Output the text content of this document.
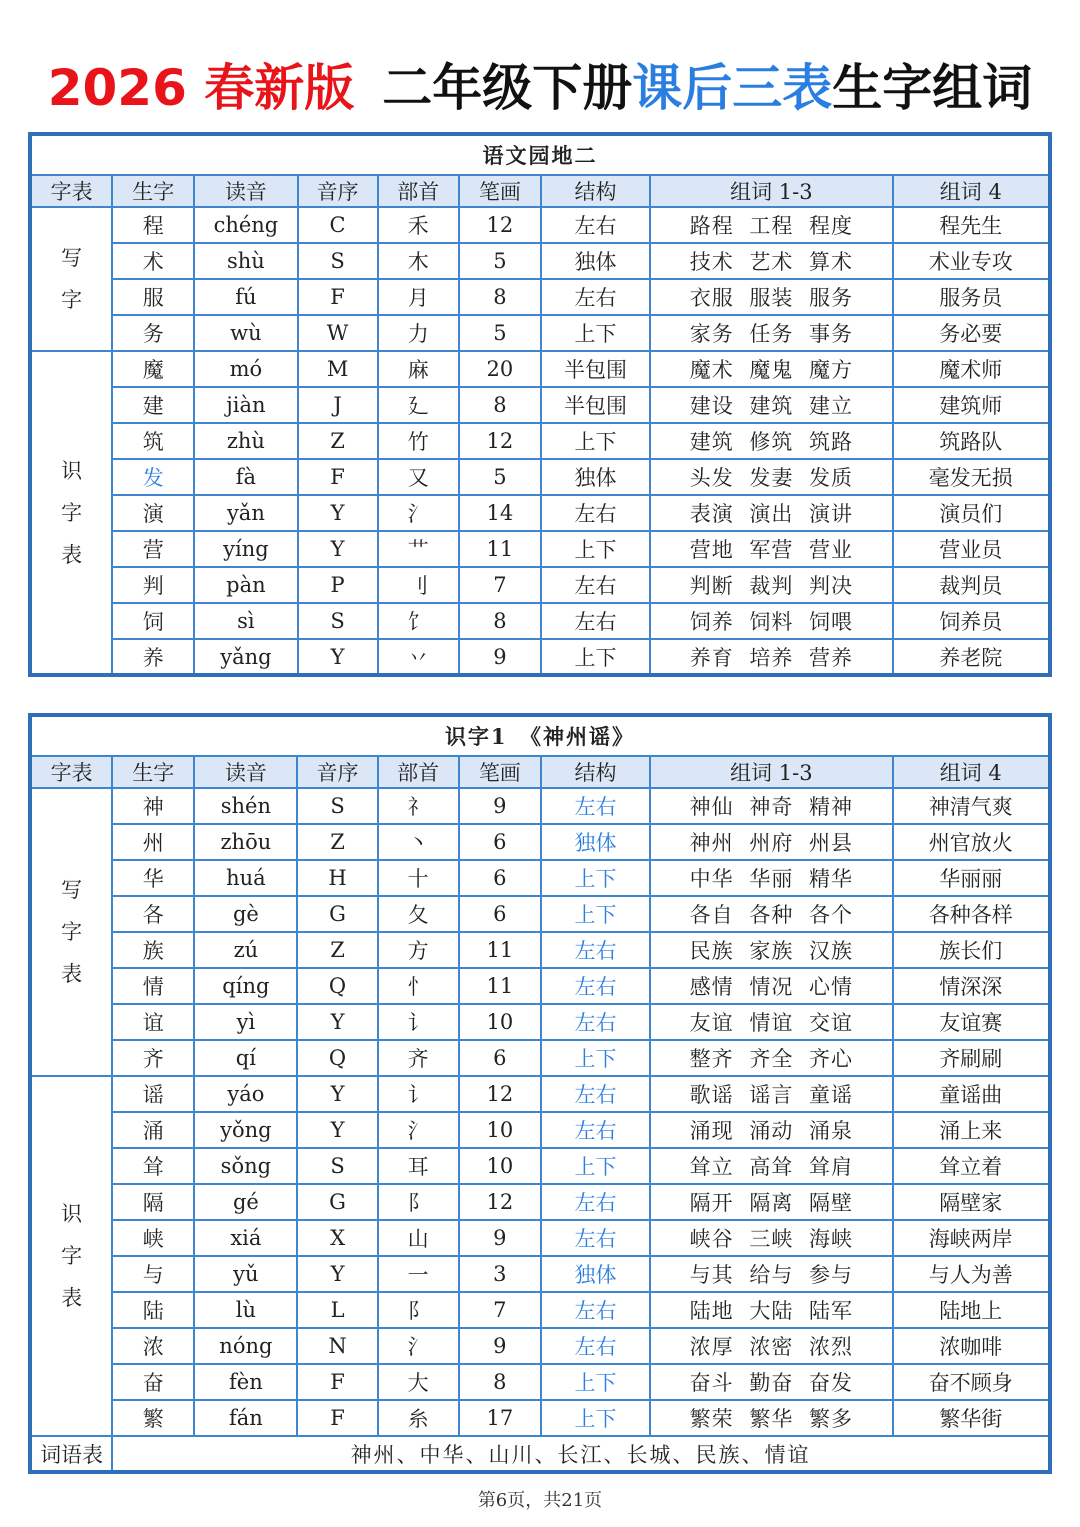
2026 春新版 二年级下册课后三表生字组词
语文园地二								
字表	生字	读音	音序	部首	笔画	结构	组词 1-3	组词 4
写
字	程	chéng	C	禾	12	左右	路程 工程 程度	程先生
	术	shù	S	木	5	独体	技术 艺术 算术	术业专攻
	服	fú	F	月	8	左右	衣服 服装 服务	服务员
	务	wù	W	力	5	上下	家务 任务 事务	务必要
识
字
表	魔	mó	M	麻	20	半包围	魔术 魔鬼 魔方	魔术师
	建	jiàn	J	廴	8	半包围	建设 建筑 建立	建筑师
	筑	zhù	Z	竹	12	上下	建筑 修筑 筑路	筑路队
	发	fà	F	又	5	独体	头发 发妻 发质	毫发无损
	演	yǎn	Y	氵	14	左右	表演 演出 演讲	演员们
	营	yíng	Y	艹	11	上下	营地 军营 营业	营业员
	判	pàn	P	刂	7	左右	判断 裁判 判决	裁判员
	饲	sì	S	饣	8	左右	饲养 饲料 饲喂	饲养员
	养	yǎng	Y	丷	9	上下	养育 培养 营养	养老院
识字1　《神州谣》								
字表	生字	读音	音序	部首	笔画	结构	组词 1-3	组词 4
写
字
表	神	shén	S	礻	9	左右	神仙 神奇 精神	神清气爽
	州	zhōu	Z	丶	6	独体	神州 州府 州县	州官放火
	华	huá	H	十	6	上下	中华 华丽 精华	华丽丽
	各	gè	G	夂	6	上下	各自 各种 各个	各种各样
	族	zú	Z	方	11	左右	民族 家族 汉族	族长们
	情	qíng	Q	忄	11	左右	感情 情况 心情	情深深
	谊	yì	Y	讠	10	左右	友谊 情谊 交谊	友谊赛
	齐	qí	Q	齐	6	上下	整齐 齐全 齐心	齐刷刷
识
字
表	谣	yáo	Y	讠	12	左右	歌谣 谣言 童谣	童谣曲
	涌	yǒng	Y	氵	10	左右	涌现 涌动 涌泉	涌上来
	耸	sǒng	S	耳	10	上下	耸立 高耸 耸肩	耸立着
	隔	gé	G	阝	12	左右	隔开 隔离 隔壁	隔壁家
	峡	xiá	X	山	9	左右	峡谷 三峡 海峡	海峡两岸
	与	yǔ	Y	一	3	独体	与其 给与 参与	与人为善
	陆	lù	L	阝	7	左右	陆地 大陆 陆军	陆地上
	浓	nóng	N	氵	9	左右	浓厚 浓密 浓烈	浓咖啡
	奋	fèn	F	大	8	上下	奋斗 勤奋 奋发	奋不顾身
	繁	fán	F	糸	17	上下	繁荣 繁华 繁多	繁华街
词语表	神州、中华、山川、长江、长城、民族、情谊							
第6页，共21页
